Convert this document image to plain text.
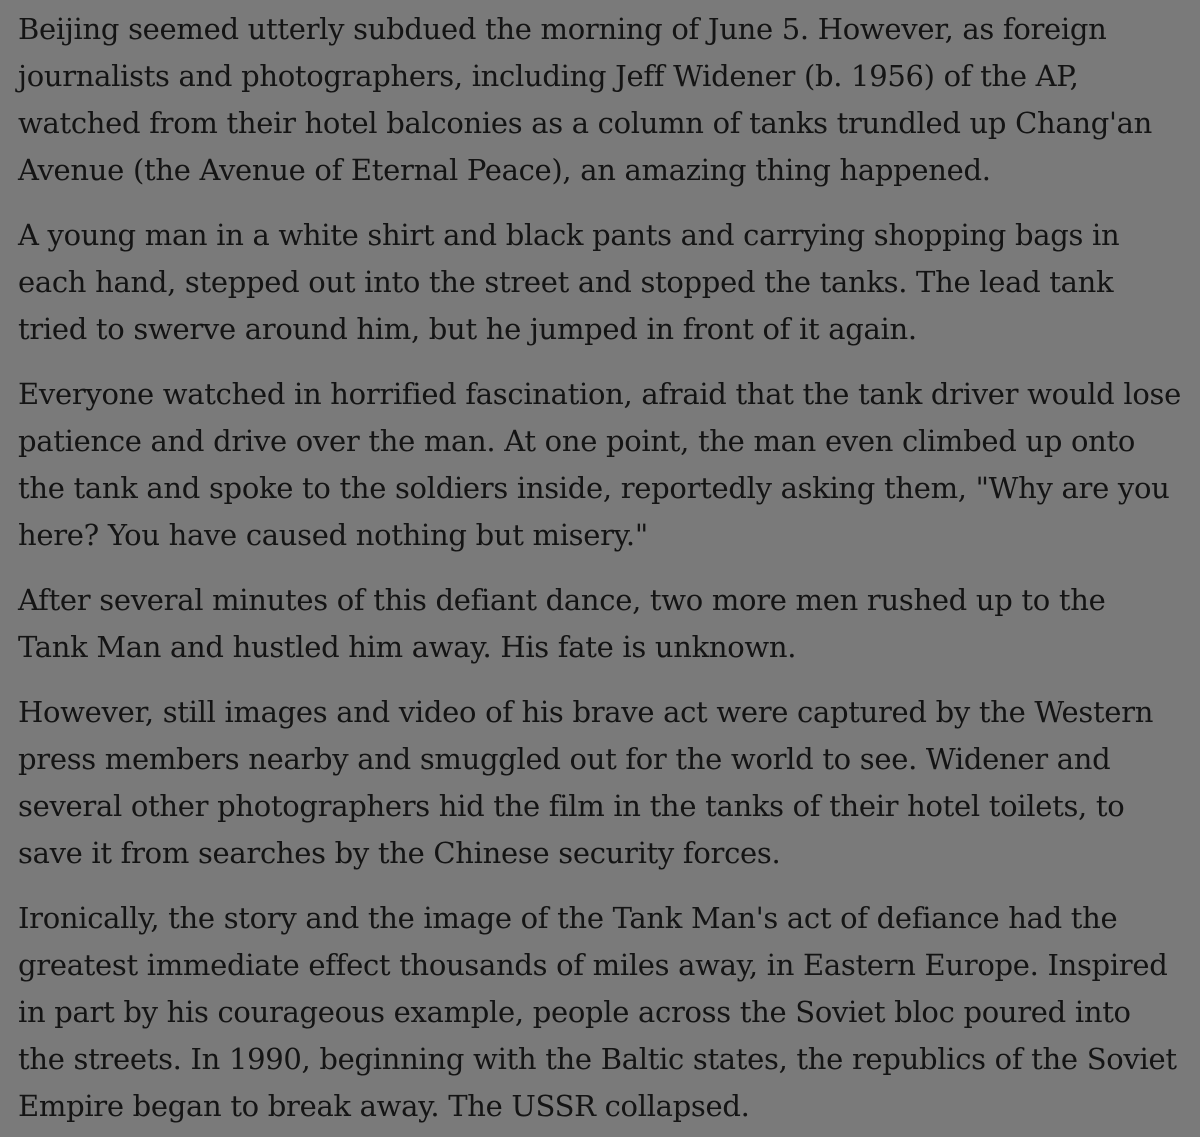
Beijing seemed utterly subdued the morning of June 5. However, as foreign journalists and photographers, including Jeff Widener (b. 1956) of the AP, watched from their hotel balconies as a column of tanks trundled up Chang'an Avenue (the Avenue of Eternal Peace), an amazing thing happened.

A young man in a white shirt and black pants and carrying shopping bags in each hand, stepped out into the street and stopped the tanks. The lead tank tried to swerve around him, but he jumped in front of it again.

Everyone watched in horrified fascination, afraid that the tank driver would lose patience and drive over the man. At one point, the man even climbed up onto the tank and spoke to the soldiers inside, reportedly asking them, "Why are you here? You have caused nothing but misery."

After several minutes of this defiant dance, two more men rushed up to the Tank Man and hustled him away. His fate is unknown.

However, still images and video of his brave act were captured by the Western press members nearby and smuggled out for the world to see. Widener and several other photographers hid the film in the tanks of their hotel toilets, to save it from searches by the Chinese security forces.

Ironically, the story and the image of the Tank Man's act of defiance had the greatest immediate effect thousands of miles away, in Eastern Europe. Inspired in part by his courageous example, people across the Soviet bloc poured into the streets. In 1990, beginning with the Baltic states, the republics of the Soviet Empire began to break away. The USSR collapsed.
